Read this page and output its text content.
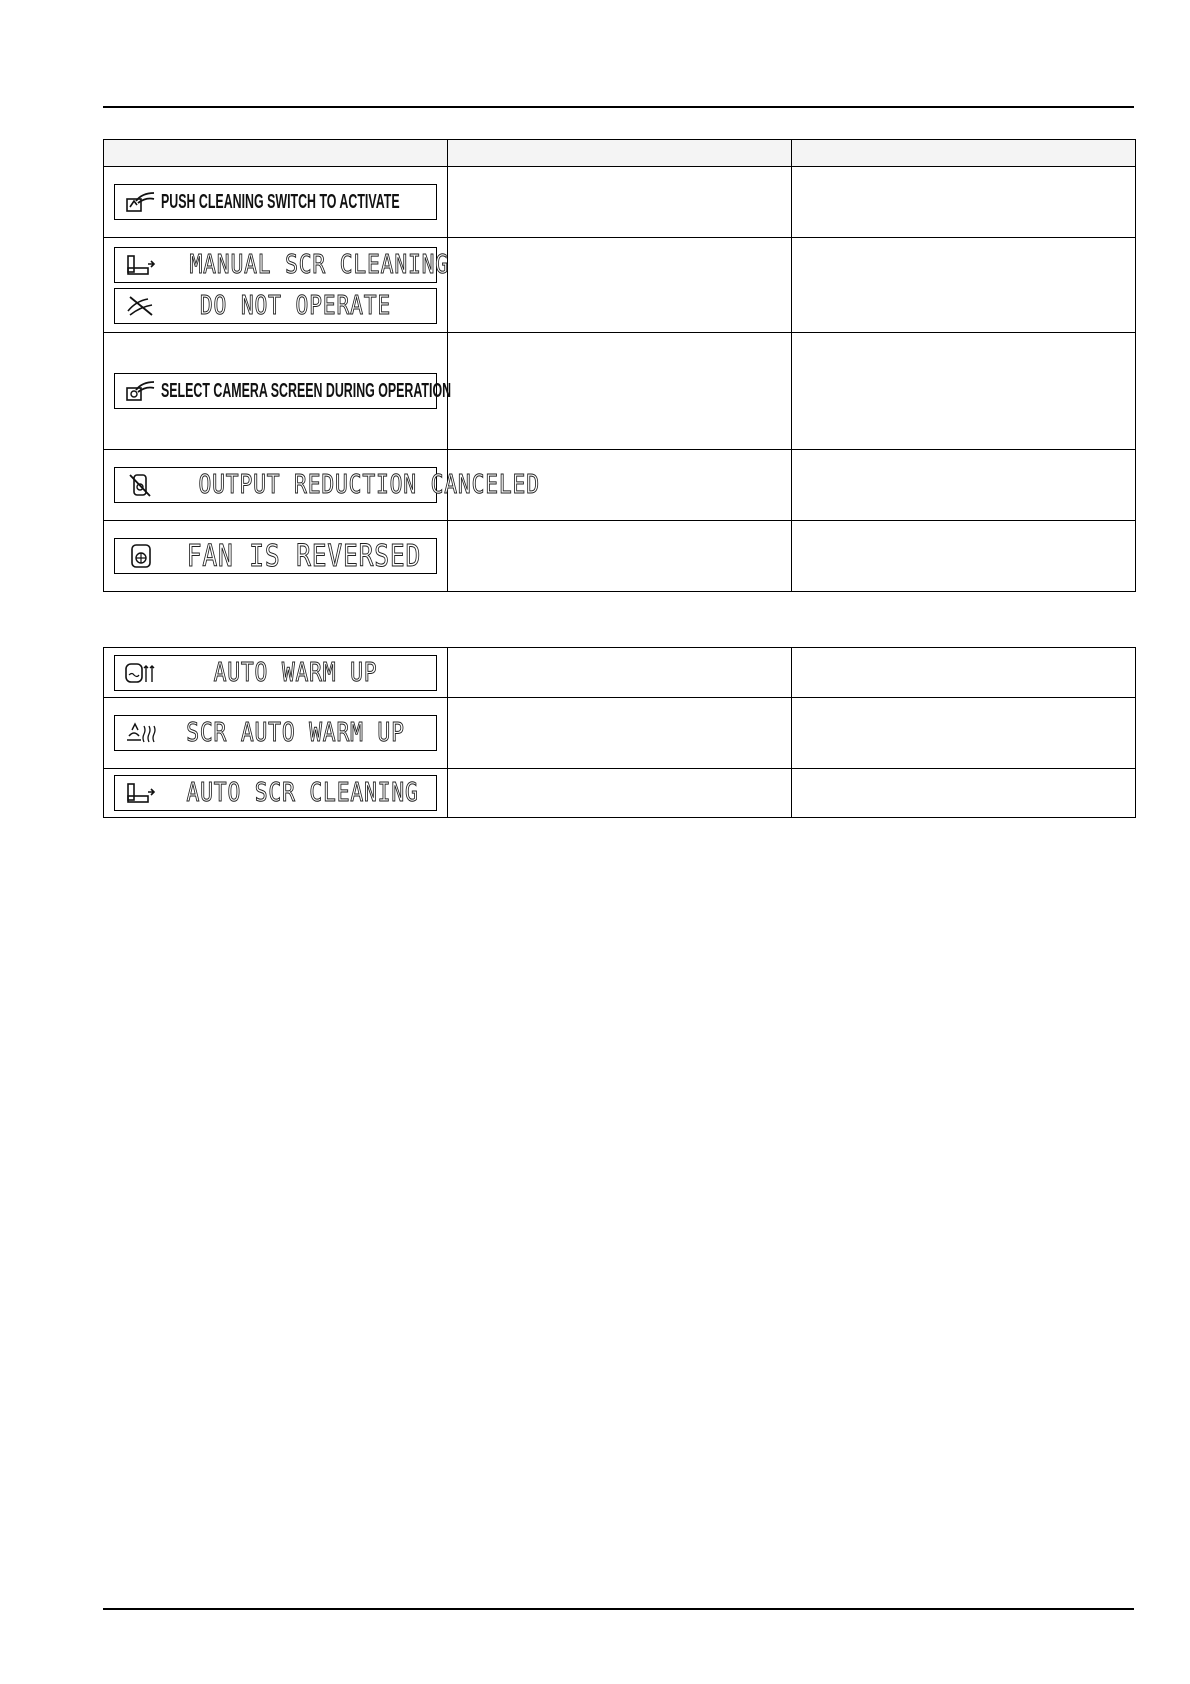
PUSH CLEANING SWITCH TO ACTIVATE		

MANUAL SCR CLEANING
DO NOT OPERATE		

SELECT CAMERA SCREEN DURING OPERATION		

OUTPUT REDUCTION CANCELED		

FAN IS REVERSED		

AUTO WARM UP		

SCR AUTO WARM UP		

AUTO SCR CLEANING		
